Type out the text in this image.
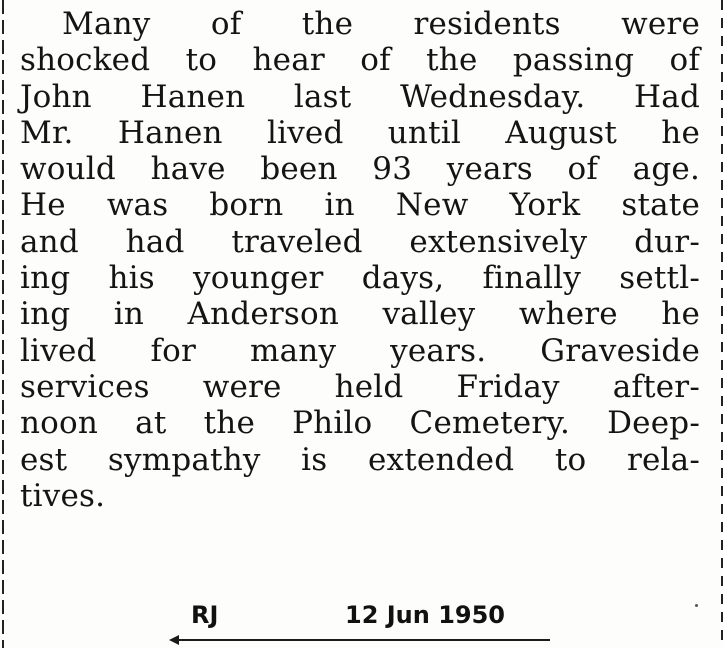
Many of the residents were
shocked to hear of the passing of
John Hanen last Wednesday. Had
Mr. Hanen lived until August he
would have been 93 years of age.
He was born in New York state
and had traveled extensively dur-
ing his younger days, finally settl-
ing in Anderson valley where he
lived for many years. Graveside
services were held Friday after-
noon at the Philo Cemetery. Deep-
est sympathy is extended to rela-
tives.
RJ	12 Jun 1950
